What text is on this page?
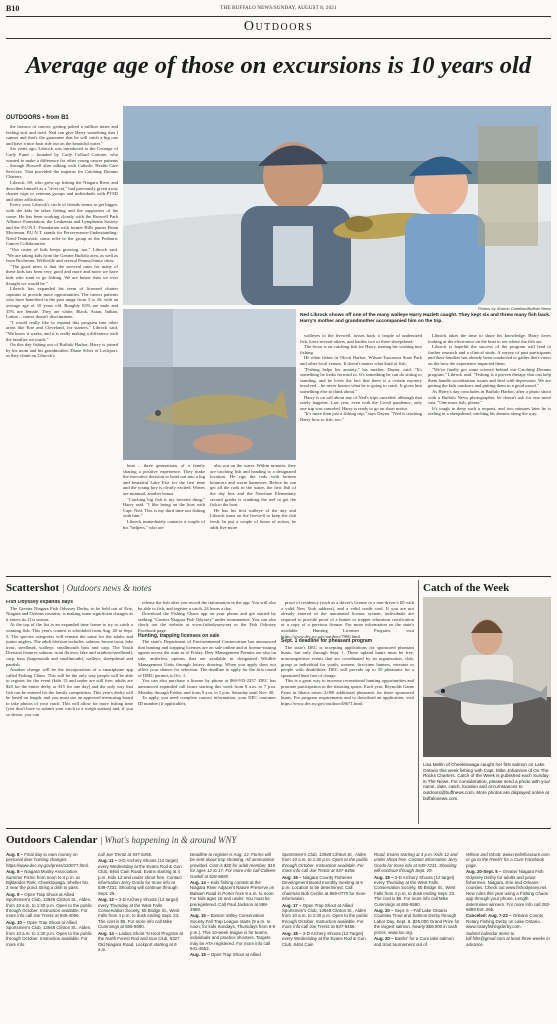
B10	THE BUFFALO NEWS/SUNDAY, AUGUST 8, 2021
Outdoors
Average age of those on excursions is 10 years old
OUTDOORS • from B1

the horrors of cancer; getting poked a million times and feeling sick and tired. Ned can give Harry something that I cannot and that's the guarantee that he will catch a big one and have a nice boat ride out on the beautiful water."

Six years ago, Librock was introduced to the Courage of Carly Fund – founded by Carly Collard Cottone, who wanted to make a difference for other young cancer patients – through Roswell after talking with Catholic Health Care Services. That provided the impetus for Catching Dreams Charters.

Librock, 69, who grew up fishing the Niagara River and describes himself as a "river rat," had previously given away charter trips to veterans groups and individuals with PTSD and other afflictions.

Every year, Librock's circle of friends seems to get bigger, with the kids he takes fishing and the supporters of his cause. He has been working closely with the Roswell Park Alliance Foundation, the Leukemia and Lymphoma Society and the P.U.N.T. Foundation with former Bills punter Brian Moorman. P.U.N.T. stands for Perseverance-Understanding-Need-Teamwork; some refer to the group as the Pediatric Cancer Collaborative.

"Our roster of kids keeps growing, too," Librock said. "We are taking kids from the Greater Buffalo area, as well as from Rochester, Wellsville and several Pennsylvania cities.

"The good news is that the survival rates for many of these kids has been very good and more and more we have kids who want to go fishing. We are busier than we ever thought we would be."

Librock has expanded his team of licensed charter captains to provide more opportunities. The cancer patients who have benefited in the past range from 3 to 26, with an average age of 10 years old. Roughly 65% are male and 35% are female. They are white, Black, Asian, Indian, Latino – cancer doesn't discriminate.

"I would really like to expand this program into other areas like Erie and Cleveland, for starters," Librock said. "We know it works, and it is really making a difference with the families we touch."

On this day fishing out of Buffalo Harbor, Harry is joined by his mom and his grandmother, Diane Silvis of Lockport, as they climb on Librock's

Photos by Sharon Cantillon/Buffalo News
Ned Librock shows off one of the many walleye Harry Hazlett caught. They kept six and threw many fish back. Harry's mother and grandmother accompanied him on the trip.

boat – three generations of a family sharing a positive experience. They make the executive decision to head out into a big and beautiful Lake Erie for the first time and the young boy is clearly excited. Waves are minimal, another bonus.

"Catching big fish is my favorite thing," Harry said. "I like being on the boat with Capt. Ned. This is my third time out fishing with him."

Librock immediately contacts a couple of his "helpers," who are

also out on the water. Within minutes, they are catching fish and heading to a designated location. He rigs the rods with bottom bouncers and worm harnesses. Before he can get all the rods in the water, the first fish of the day hits and the Newfane Elementary second grader is cranking the reel to get the fish to the boat.

He has his first walleye of the day and Librock turns on the livewell to keep the fish fresh. In just a couple of hours of action, he adds five more

walleyes to the livewell, tosses back a couple of undersized fish, loses several others, and battles two or three sheepshead.

The focus is on catching fish for Harry, turning his wishing into fishing.

He often fishes in Olcott Harbor, Wilson-Tuscarora State Park and other local venues. It doesn't matter what kind of fish.

"Fishing helps his anxiety," his mother, Dayna, said. "It's something he looks forward to. It's something he can do sitting or standing, and he loves the fact that there is a certain mystery involved – he never knows what he is going to catch. It gives him something else to think about."

Harry is on call about any of Ned's trips canceled, although that rarely happens. Last year, even with the Covid pandemic, only one trip was canceled. Harry is ready to go on short notice.

"It's more than just a fishing trip," says Dayna. "Ned is teaching Harry how to fish, too."

Librock takes the time to share his knowledge. Harry loves looking at the electronics on the boat to see where the fish are.

Librock is hopeful the success of the program will lead to further research and a clinical study. A survey of past participants and their families has already been conducted to gather their views on the how the experience impacted them.

"We've finally got some science behind our Catching Dreams program," Librock said. "Fishing is a proven therapy that can help them handle socialization issues and deal with depression. We are getting the kids outdoors and putting them in a good mood."

As Harry's day concludes in Buffalo Harbor, after a photo shoot with a Buffalo News photographer, he doesn't ask for one more cast. "One more fish, please."

It's tough to deny such a request, and two minutes later he is reeling in a sheepshead, catching his dreams along the way.

Scattershot | Outdoors news & notes

Fish Odyssey expands days

The Greater Niagara Fish Odyssey Derby, to be held out of Erie, Niagara and Orleans counties, is making some significant changes as it enters its 21st season.

At the top of the list is an expanded time frame to try to catch a winning fish. This year's contest is scheduled from Aug. 20 to Sept. 5. The species categories will remain the same for the adults and junior anglers. The adult division includes, salmon, brown trout, lake trout, steelhead, walleye, smallmouth bass and carp. The Youth Division features salmon, trout (brown, lake and rainbow/steelhead), carp, bass (largemouth and smallmouth), walleye, sheepshead and panfish.

Another change will be the incorporation of a smartphone app called Fishing Chaos. This will be the only way people will be able to register for the event (kids 15 and under are still free; adults are $20 for the entire derby or $15 for one day) and the only way that fish can be entered for the family competition. This year's derby will be based on length, and you must use an approved measuring board to take photos of your catch. This will allow for more fishing time (you don't have to submit your catch to a weigh station) and, if you so desire, you can

release the fish after you record the information in the app. You will also be able to fish, and register a catch, 24 hours a day.

Download the Fishing Chaos app on your phone and get started by seeking "Greater Niagara Fish Odyssey" under tournaments. You can also check out the website at www.fishodyssey.net or the Fish Odyssey Facebook page.

Hunting, trapping licenses on sale

The state's Department of Environmental Conservation has announced that hunting and trapping licenses are on sale online and at license-issuing agents across the state as of Friday. Deer Management Permits are also on sale, antlerless options that are available in designated Wildlife Management Units through lottery drawing. When you apply does not affect your chance for selection. The deadline to apply for the first round of DMU permits is Oct. 1.

You can also purchase a license by phone at 866-933-2257. DEC has announced expanded call hours starting this week from 8 a.m. to 7 p.m. Monday through Friday, and from 9 a.m. to 5 p.m. Saturday until Nov. 30.

To apply, you need complete contact information, your DEC customer ID number (if applicable),

proof of residency (such as a driver's license or a non-driver's ID with a valid New York address), and a valid credit card. If you are not already entered in the automated license system, individuals are required to provide proof of a hunter or trapper education certification or a copy of a previous license. For more information on the state's available Hunting Licenses Program, visit https://www.dec.ny.gov/outdoor/7860.html.

Sept. 1 deadline for pheasant program

The state's DEC is accepting applications for sponsored pheasant hunts, but only through Sept. 1. These upland hunts must be free, noncompetitive events that are coordinated by an organization, club, group or individual for youth, women, first-time hunters, veterans or people with disabilities. DEC will provide up to 50 pheasants for a sponsored hunt free of charge.

This is a great way to increase recreational hunting opportunities and promote participation in the shooting sports. Each year, Reynolds Game Farm in Ithaca raises 2,000 additional pheasants for these sponsored hunts. For program requirements and to download an application, visit https://www.dec.ny.gov/outdoor/48671.html.

Catch of the Week
Lisa Mellin of Cheektowaga caught her first salmon on Lake Ontario this week fishing with Capt. Mike Johannes of On The Rocks Charters. Catch of the Week is published each Sunday in The News. For consideration, please send a photo with your name, date, catch, location and circumstances to outdoors@buffnews.com. More photos are displayed online at buffalonews.com.
Outdoors Calendar | What's happening in & around WNY
Aug. 8 – Final day to earn money on personal deer hunting changes. https://www.dec.ny.gov/press/123077.html.
Aug. 8 – Niagara Musky Association Summer Picnic from noon to 4 p.m. at Bijklander Park, Cheektowaga. Shelter No. 3 near the pond. Bring a dish to pass.
Aug. 9 – Open Trap Shoot at Allied Sportsmen's Club, 13948 Clinton St., Alden, from 10 a.m. to 1:30 p.m. Open to the public through October. Instruction available. For more info call Joe Trentz at 946-4066.
Aug. 10 – Open Trap Shoot at Allied Sportsmen's Club, 13948 Clinton St., Alden, from 10 a.m. to 1:30 p.m. Open to the public through October. Instruction available. For more info
call Joe Trentz at 937-6456.
Aug. 11 – 3-D Archery Shoots (12 target) every Wednesday at the Evans Rod & Gun Club, 8464 Cain Road, Evans starting at 4 p.m. Kids 12 and under shoot free. Contact information Jerry Gordo for more info at 549-7231. Shooting will continue through Sept. 29.
Aug. 12 – 3-D Archery Shoots (12 target) every Thursday at the West Falls Conservation Society, 55 Bridge St., West Falls from 4 p.m. to dusk ending Sept. 23. The cost is $6. For more info call Mike Cummings at 655-9590.
Aug. 14 – Ladies Shoot 'N Hoot Program at the North Forest Rod and Gun Club, 6327 Old Niagara Road, Lockport starting at 9 a.m.
Deadline to register is Aug. 12. Forms will be sent about trap shooting. All ammunition provided. Cost is $20 for adult member, $15 for ages 12 to 17. For more info call Colleen Gaskill at 628-6695.
Aug. 14 – Kids fishing contest at the Niagara River Adjacent Nature Preserve on Balsam Road in Porter from 9 a.m. to noon. For kids ages 15 and under. You must be preregistered. Call Paul Jackson at 998-4969.
Aug. 15 – Boston Valley Conservation Society Fall Trap League starts (9 a.m. to noon, for kids Sundays, Thursdays from 6-8 p.m.). This 10-week league is for teams, individuals and practice shooters. Targets may be ATA registered. For more info call 941-4653.
Aug. 15 – Open Trap Shoot at Allied
Sportsmen's Club, 13948 Clinton St., Alden from 10 a.m. to 1:30 p.m. Open to the public through October. Instruction available. For more info call Joe Trentz at 937-6456.
Aug. 16 – Niagara County Fisheries Development Board monthly meeting at 6 p.m. Location to be determined. Call chairman Bob Cecilio at 869-0770 for more information.
Aug. 17 – Open Trap Shoot at Allied Sportsmen's Club, 13948 Clinton St., Alden from 10 a.m. to 1:30 p.m. Open to the public through October. Instruction available. For more info call Joe Trentz at 937-6456.
Aug. 18 – 3-D Archery Shoots (12 Target) every Wednesday at the Evans Rod & Gun Club, 8464 Cain
Road, Evans starting at 4 p.m. Kids 12 and under shoot free. Contact information Jerry Gordo for more info at 549-7231. Shooting will continue through Sept. 29.
Aug. 19 – 3-D Archery Shoots (12 target) every Thursday at the West Falls Conservation Society, 55 Bridge St., West Falls from 4 p.m. to dusk ending Sept. 23. The cost is $6. For more info call Mike Cummings at 655-9590.
Aug. 20 – Sept. 6 – Fall Lake Ontario Counties Trout and Salmon Derby through Labor Day, Sept. 6. $25,000 Grand Prize for the largest salmon. Nearly $58,000 in cash prizes. www.loc.org.
Aug. 20 – Basfer' for a Cure lake salmon and trout tournament out of
Wilson and Olcott. www.reelinforacure.com or go to the Reelin' for a Cure Facebook page.
Aug. 20-Sept. 5 – Greater Niagara Fish Odyssey Derby for adults and junior fishermen. Niagara, Erie and Orleans counties. Check out www.fishodyssey.net. New rules this year using a Fishing Chaos app through your phone. Length determines winners. For more info call 282-6889 Ext. 265.
Canceled: Aug. 7-22 – Orleans County Rotary Fishing Derby on Lake Ontario. www.rotaryfishingderby.com.
Submit calendar items to bill.hilts@gmail.com at least three weeks in advance.
